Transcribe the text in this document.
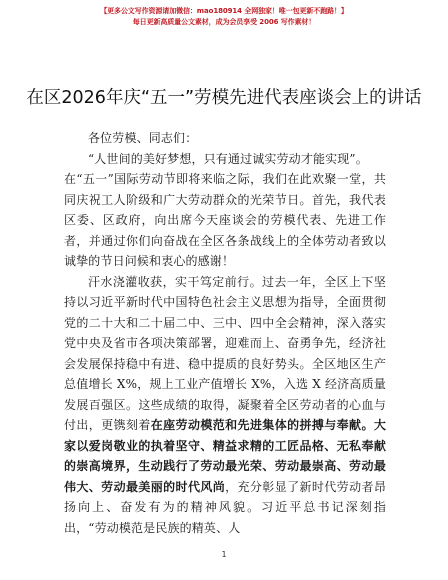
【更多公文写作资源请加微信：mao180914 全网独家！唯一包更新不跑路！】
每日更新高质量公文素材，成为会员享受 2006 写作素材！
在区2026年庆“五一”劳模先进代表座谈会上的讲话

各位劳模、同志们：

“人世间的美好梦想，只有通过诚实劳动才能实现”。

在“五一”国际劳动节即将来临之际，我们在此欢聚一堂，共同庆祝工人阶级和广大劳动群众的光荣节日。首先，我代表区委、区政府，向出席今天座谈会的劳模代表、先进工作者，并通过你们向奋战在全区各条战线上的全体劳动者致以诚挚的节日问候和衷心的感谢！

汗水浇灌收获，实干笃定前行。过去一年，全区上下坚持以习近平新时代中国特色社会主义思想为指导，全面贯彻党的二十大和二十届二中、三中、四中全会精神，深入落实党中央及省市各项决策部署，迎难而上、奋勇争先，经济社会发展保持稳中有进、稳中提质的良好势头。全区地区生产总值增长 X%，规上工业产值增长 X%，入选 X 经济高质量发展百强区。这些成绩的取得，凝聚着全区劳动者的心血与付出，更镌刻着在座劳动模范和先进集体的拼搏与奉献。大家以爱岗敬业的执着坚守、精益求精的工匠品格、无私奉献的崇高境界，生动践行了劳动最光荣、劳动最崇高、劳动最伟大、劳动最美丽的时代风尚，充分彰显了新时代劳动者昂扬向上、奋发有为的精神风貌。习近平总书记深刻指出，“劳动模范是民族的精英、人

1
